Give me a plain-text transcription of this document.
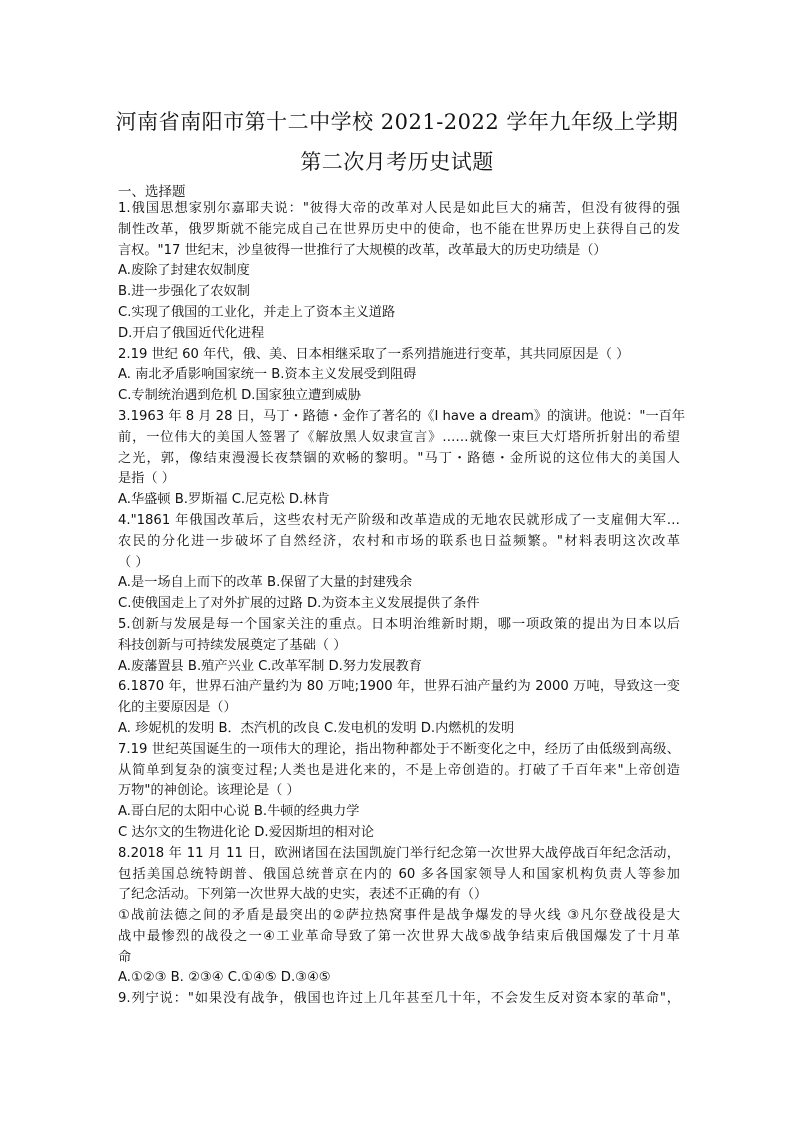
河南省南阳市第十二中学校 2021-2022 学年九年级上学期
第二次月考历史试题
一、选择题
1.俄国思想家别尔嘉耶夫说："彼得大帝的改革对人民是如此巨大的痛苦，但没有彼得的强
制性改革，俄罗斯就不能完成自己在世界历史中的使命，也不能在世界历史上获得自己的发
言权。"17 世纪末，沙皇彼得一世推行了大规模的改革，改革最大的历史功绩是（）
A.废除了封建农奴制度
B.进一步强化了农奴制
C.实现了俄国的工业化，并走上了资本主义道路
D.开启了俄国近代化进程
2.19 世纪 60 年代，俄、美、日本相继采取了一系列措施进行变革，其共同原因是（ ）
A. 南北矛盾影响国家统一 B.资本主义发展受到阻碍
C.专制统治遇到危机 D.国家独立遭到威胁
3.1963 年 8 月 28 日，马丁・路德・金作了著名的《I have a dream》的演讲。他说："一百年
前，一位伟大的美国人签署了《解放黑人奴隶宣言》……就像一束巨大灯塔所折射出的希望
之光，郭，像结束漫漫长夜禁锢的欢畅的黎明。"马丁・路德・金所说的这位伟大的美国人
是指（ ）
A.华盛顿 B.罗斯福 C.尼克松 D.林肯
4."1861 年俄国改革后，这些农村无产阶级和改革造成的无地农民就形成了一支雇佣大军…
农民的分化进一步破坏了自然经济，农村和市场的联系也日益频繁。"材料表明这次改革
（ ）
A.是一场自上而下的改革 B.保留了大量的封建残余
C.使俄国走上了对外扩展的过路 D.为资本主义发展提供了条件
5.创新与发展是每一个国家关注的重点。日本明治维新时期，哪一项政策的提出为日本以后
科技创新与可持续发展奠定了基础（ ）
A.废藩置县 B.殖产兴业 C.改革军制 D.努力发展教育
6.1870 年，世界石油产量约为 80 万吨;1900 年，世界石油产量约为 2000 万吨，导致这一变
化的主要原因是（）
A. 珍妮机的发明 B．杰汽机的改良 C.发电机的发明 D.内燃机的发明
7.19 世纪英国诞生的一项伟大的理论，指出物种都处于不断变化之中，经历了由低级到高级、
从简单到复杂的演变过程;人类也是进化来的，不是上帝创造的。打破了千百年来"上帝创造
万物"的神创论。该理论是（ ）
A.哥白尼的太阳中心说 B.牛顿的经典力学
C 达尔文的生物进化论 D.爱因斯坦的相对论
8.2018 年 11 月 11 日，欧洲诸国在法国凯旋门举行纪念第一次世界大战停战百年纪念活动，
包括美国总统特朗普、俄国总统普京在内的 60 多各国家领导人和国家机构负责人等参加
了纪念活动。下列第一次世界大战的史实，表述不正确的有（）
①战前法德之间的矛盾是最突出的②萨拉热窝事件是战争爆发的导火线 ③凡尔登战役是大
战中最惨烈的战役之一④工业革命导致了第一次世界大战⑤战争结束后俄国爆发了十月革
命
A.①②③ B. ②③④ C.①④⑤ D.③④⑤
9.列宁说："如果没有战争，俄国也许过上几年甚至几十年，不会发生反对资本家的革命"，
